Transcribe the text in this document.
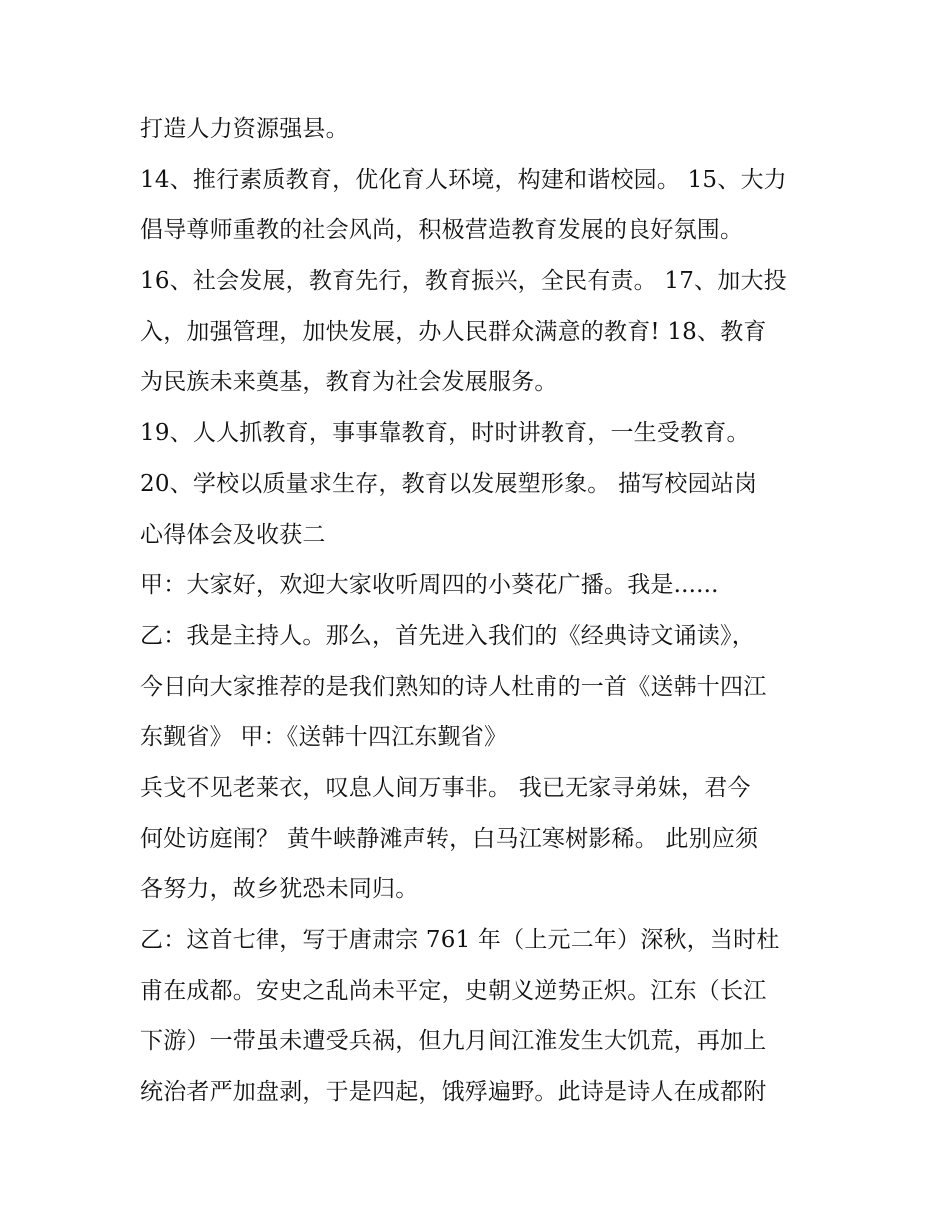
打造人力资源强县。
14、推行素质教育，优化育人环境，构建和谐校园。 15、大力
倡导尊师重教的社会风尚，积极营造教育发展的良好氛围。
16、社会发展，教育先行，教育振兴，全民有责。 17、加大投
入，加强管理，加快发展，办人民群众满意的教育! 18、教育
为民族未来奠基，教育为社会发展服务。
19、人人抓教育，事事靠教育，时时讲教育，一生受教育。
20、学校以质量求生存，教育以发展塑形象。 描写校园站岗
心得体会及收获二
甲：大家好，欢迎大家收听周四的小葵花广播。我是......
乙：我是主持人。那么，首先进入我们的《经典诗文诵读》，
今日向大家推荐的是我们熟知的诗人杜甫的一首《送韩十四江
东觐省》 甲：《送韩十四江东觐省》
兵戈不见老莱衣，叹息人间万事非。 我已无家寻弟妹，君今
何处访庭闱？ 黄牛峡静滩声转，白马江寒树影稀。 此别应须
各努力，故乡犹恐未同归。
乙：这首七律，写于唐肃宗 761 年（上元二年）深秋，当时杜
甫在成都。安史之乱尚未平定，史朝义逆势正炽。江东（长江
下游）一带虽未遭受兵祸，但九月间江淮发生大饥荒，再加上
统治者严加盘剥，于是四起，饿殍遍野。此诗是诗人在成都附
